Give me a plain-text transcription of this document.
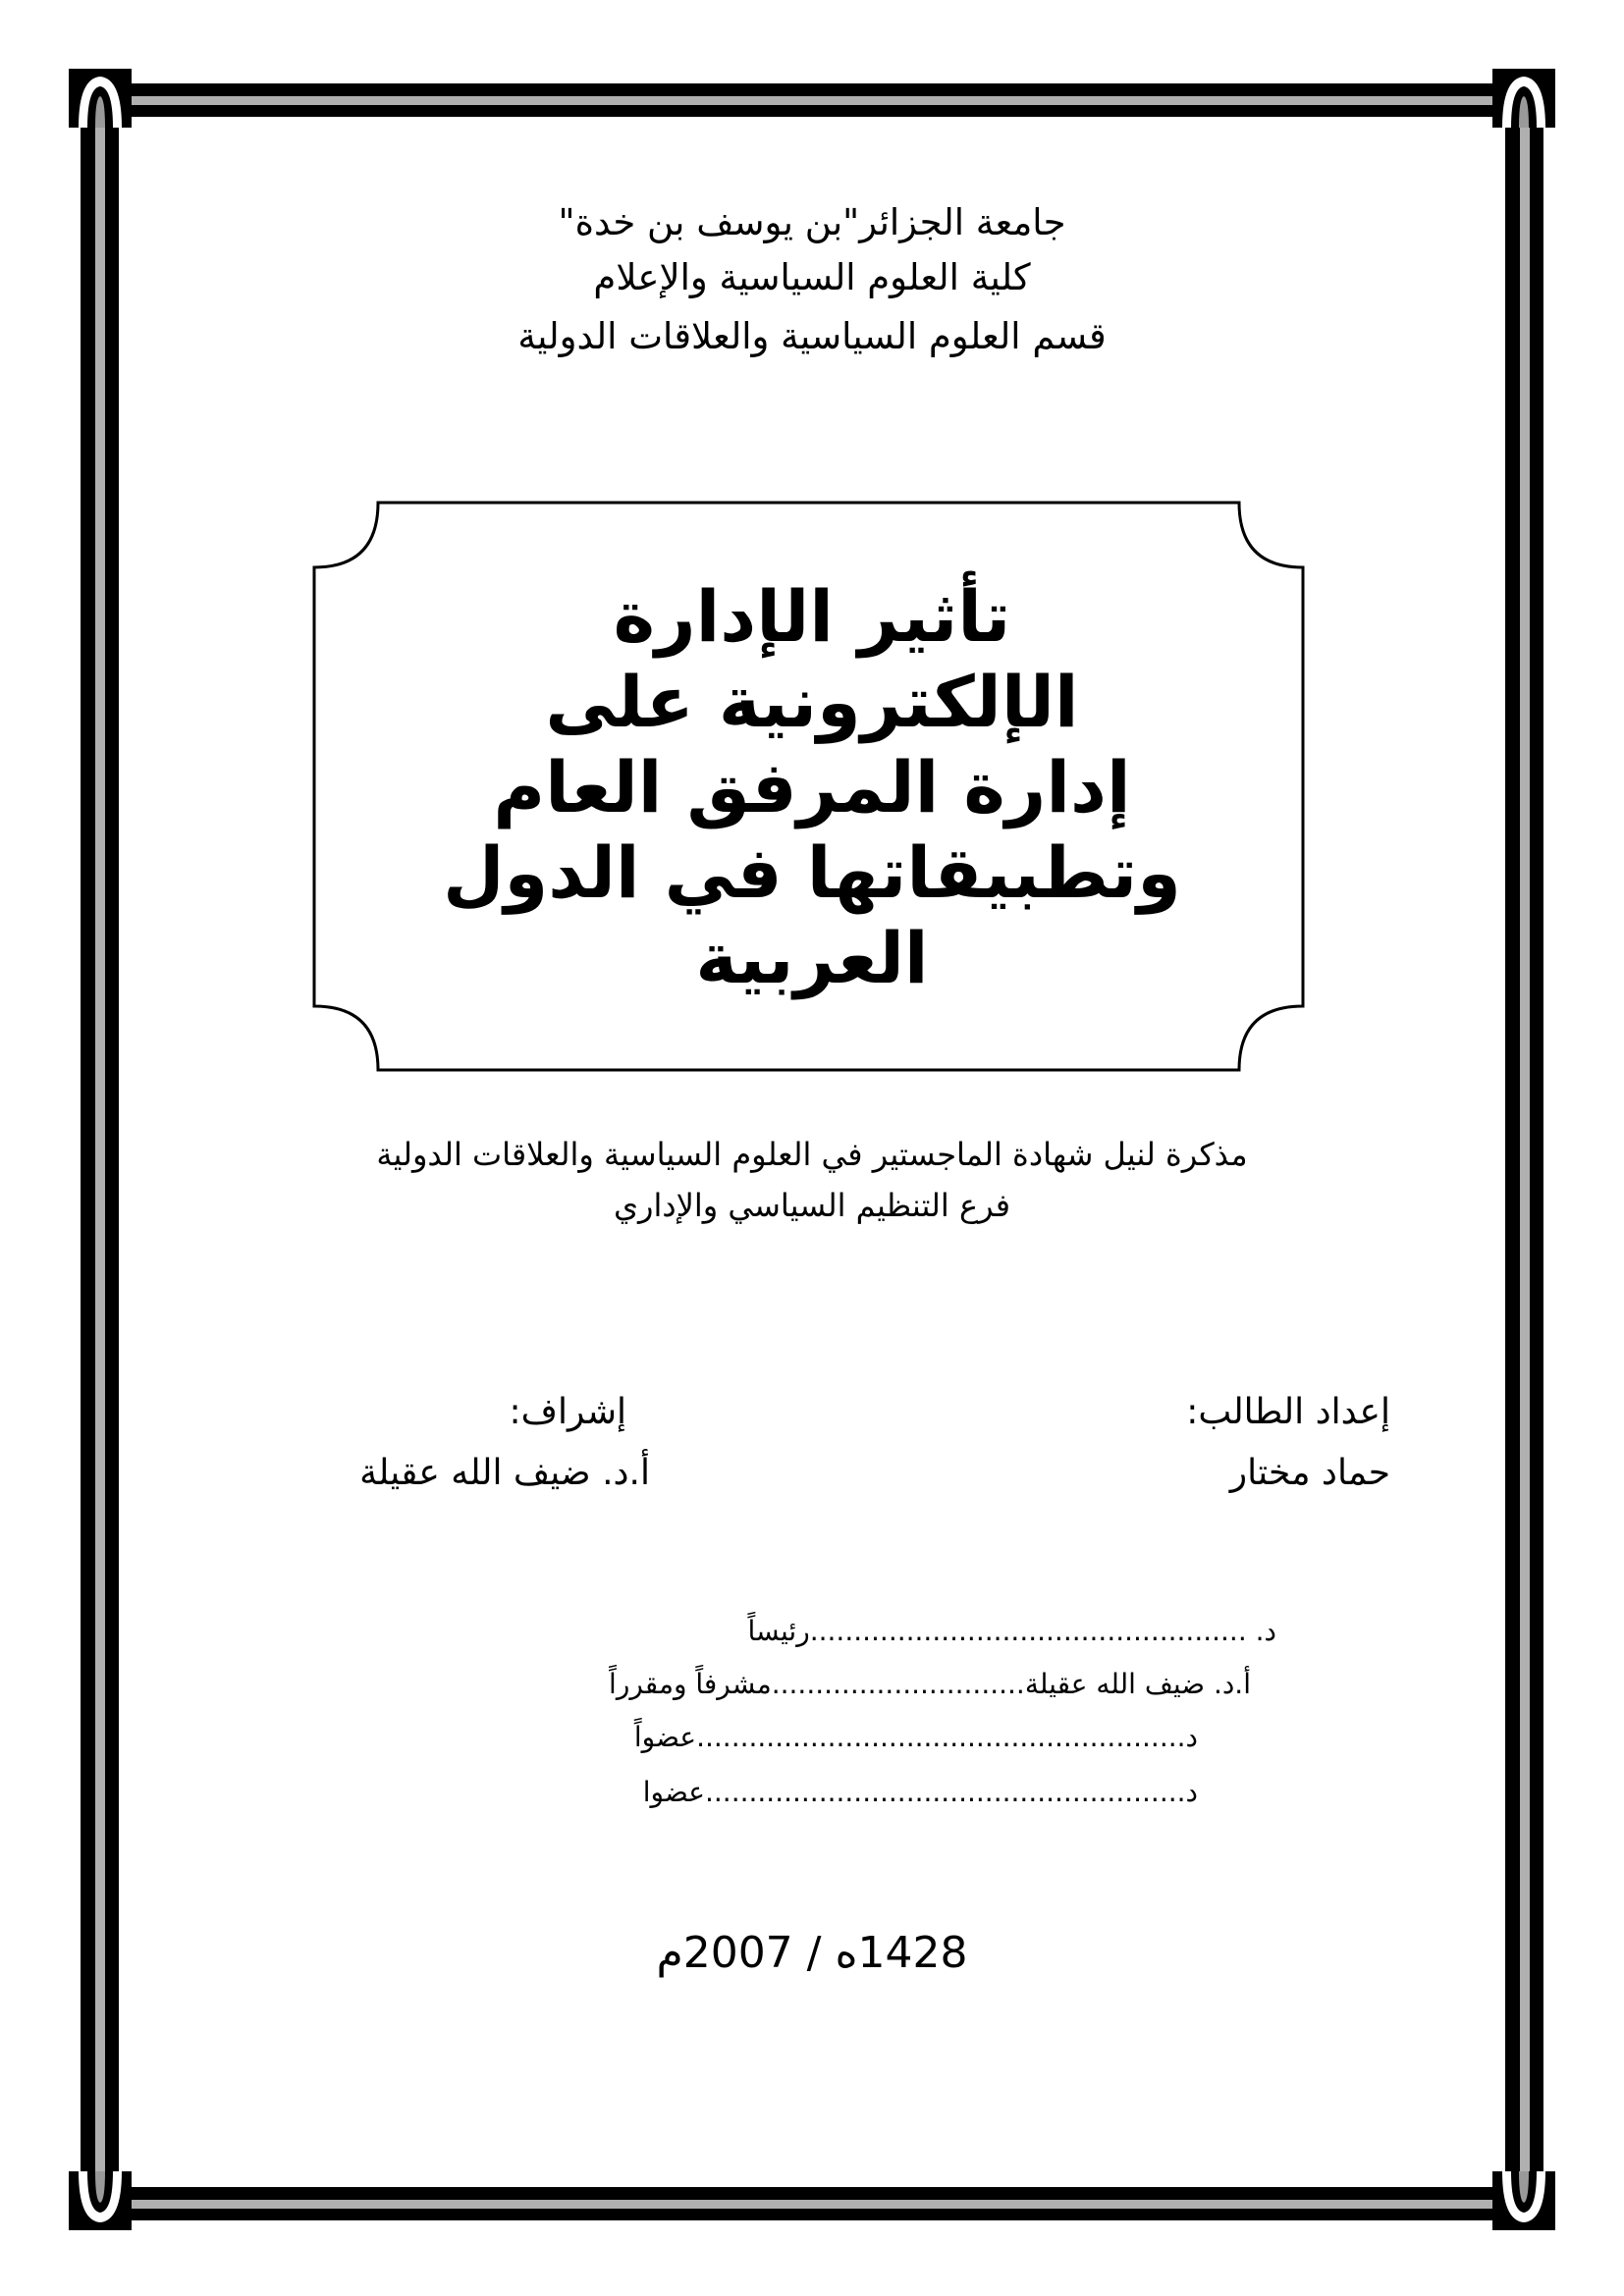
جامعة الجزائر"بن يوسف بن خدة"
كلية العلوم السياسية والإعلام
قسم العلوم السياسية والعلاقات الدولية
تأثير الإدارة
الإلكترونية على
إدارة المرفق العام
وتطبيقاتها في الدول
العربية
مذكرة لنيل شهادة الماجستير في العلوم السياسية والعلاقات الدولية
فرع التنظيم السياسي والإداري
إعداد الطالب:
حماد مختار
إشراف:
أ.د. ضيف الله عقيلة
د. ..................................................رئيساً
أ.د. ضيف الله عقيلة.............................مشرفاً ومقرراً
د........................................................عضواً
د.......................................................عضوا
1428ه / 2007م
